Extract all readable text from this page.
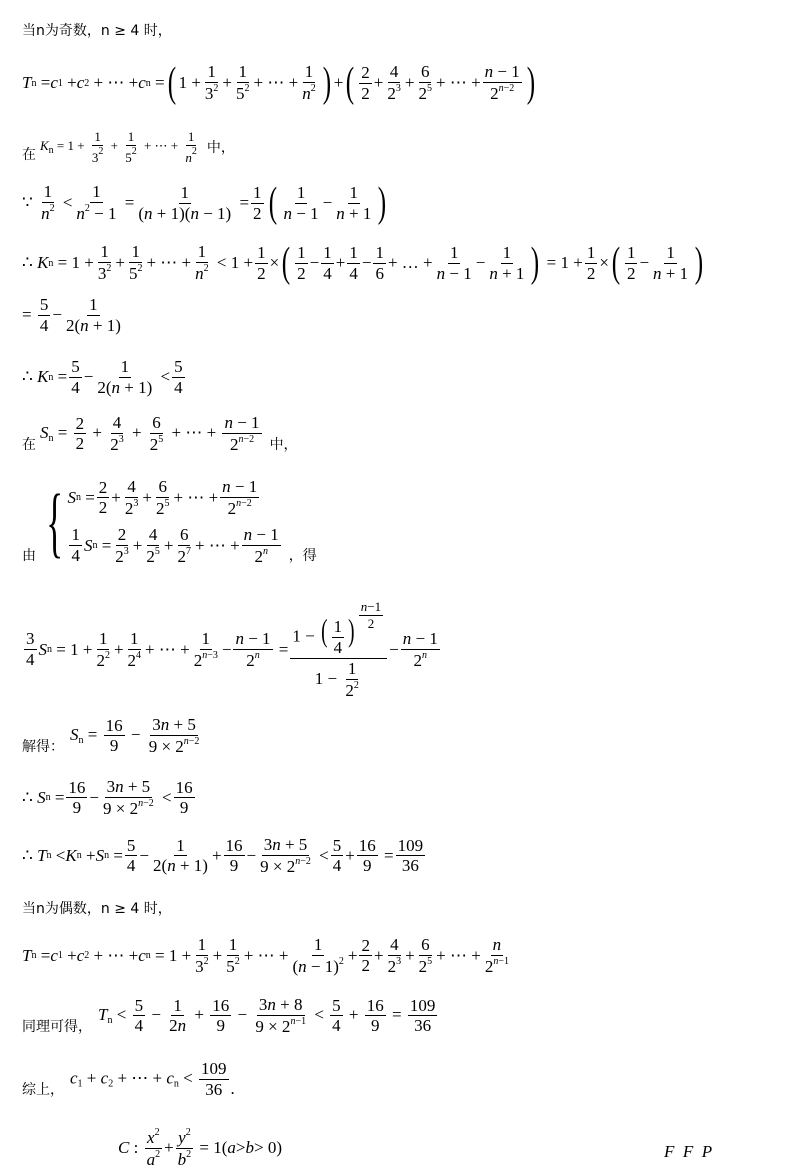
当n为奇数，n ≥ 4 时，
T n = c 1 + c 2 + ⋯ + c n = ( $1 + \frac{1}{3^2} + \frac{1}{5^2}$ + ⋯ + $\frac{1}{n^2}$ ) + ( $\frac{2}{2} + \frac{4}{2^3} + \frac{6}{2^5}$ + ⋯ + $\frac{n - 1}{2^{n-2}}$ )
在
$K_n = 1 + \frac{1}{3^2} + \frac{1}{5^2}$ + ⋯ + $\frac{1}{n^2}$ 中，
∵ $\frac{1}{n^2} < \frac{1}{n^2 - 1} = \frac{1}{(n + 1)(n - 1)} = \frac{1}{2}$ ( $\frac{1}{n - 1} - \frac{1}{n + 1}$ )
∴ K $n = 1 + \frac{1}{3^2} + \frac{1}{5^2}$ + ⋯ + $\frac{1}{n^2} < 1 + \frac{1}{2}$ × ( $\frac{1}{2} - \frac{1}{4} + \frac{1}{4} - \frac{1}{6}$ + … + $\frac{1}{n - 1} - \frac{1}{n + 1}$ ) = $1 + \frac{1}{2}$ × ( $\frac{1}{2} - \frac{1}{n + 1}$ )
=
$\frac{5}{4} - \frac{1}{2(n + 1)}$
∴ K $n = \frac{5}{4} - \frac{1}{2(n + 1)} < \frac{5}{4}$
在
$S_n = \frac{2}{2} + \frac{4}{2^3} + \frac{6}{2^5}$ + ⋯ + $\frac{n - 1}{2^{n-2}}$ 中，
由 { S $n = \frac{2}{2} + \frac{4}{2^3} + \frac{6}{2^5}$ + ⋯ + $\frac{n - 1}{2^{n-2}}$
$\frac{1}{4}$ S $n = \frac{2}{2^3} + \frac{4}{2^5} + \frac{6}{2^7}$ + ⋯ + $\frac{n - 1}{2^n}$ ，得
$\frac{3}{4}$ S $n = 1 + \frac{1}{2^2} + \frac{1}{2^4}$ + ⋯ + $\frac{1}{2^{n-3}} - \frac{n - 1}{2^n} = 1$ − ( $\frac{1}{4}$ ) $^{\frac{n-1}{2}}$
$1 - \frac{1}{2^2} - \frac{n - 1}{2^n}$
解得：
$S_n = \frac{16}{9} - \frac{3n + 5}{9 \times 2^{n-2}}$
∴ S $n = \frac{16}{9} - \frac{3n + 5}{9 \times 2^{n-2}} < \frac{16}{9}$
∴ T n < K n + S $n = \frac{5}{4} - \frac{1}{2(n + 1)} + \frac{16}{9} - \frac{3n + 5}{9 \times 2^{n-2}} < \frac{5}{4} + \frac{16}{9} = \frac{109}{36}$
当n为偶数，n ≥ 4 时，
T n = c 1 + c 2 + ⋯ + c $n = 1 + \frac{1}{3^2} + \frac{1}{5^2}$ + ⋯ + $\frac{1}{(n - 1)^2} + \frac{2}{2} + \frac{4}{2^3} + \frac{6}{2^5}$ + ⋯ + $\frac{n}{2^{n-1}}$
同理可得，
$T_n < \frac{5}{4} - \frac{1}{2n} + \frac{16}{9} - \frac{3n + 8}{9 \times 2^{n-1}} < \frac{5}{4} + \frac{16}{9} = \frac{109}{36}$
综上，
$c_1 + c_2$ + ⋯ + $c_n < \frac{109}{36}$ .
C : $\frac{x^2}{a^2} + \frac{y^2}{b^2} = 1$( a > b > 0)	F
F
P
